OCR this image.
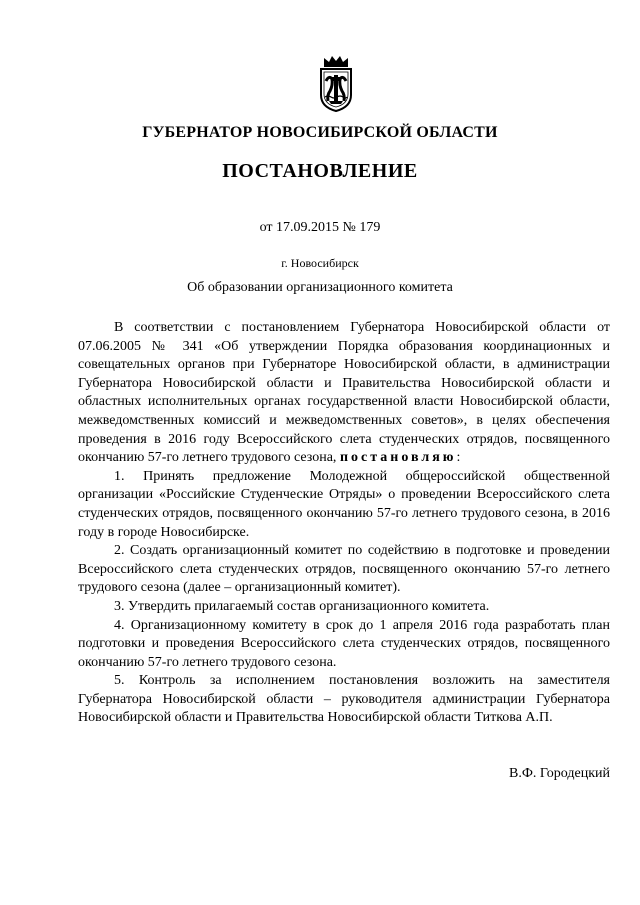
ГУБЕРНАТОР НОВОСИБИРСКОЙ ОБЛАСТИ
ПОСТАНОВЛЕНИЕ
от 17.09.2015 № 179
г. Новосибирск
Об образовании организационного комитета

В соответствии с постановлением Губернатора Новосибирской области от 07.06.2005 № 341 «Об утверждении Порядка образования координационных и совещательных органов при Губернаторе Новосибирской области, в администрации Губернатора Новосибирской области и Правительства Новосибирской области и областных исполнительных органах государственной власти Новосибирской области, межведомственных комиссий и межведомственных советов», в целях обеспечения проведения в 2016 году Всероссийского слета студенческих отрядов, посвященного окончанию 57-го летнего трудового сезона, постановляю:

1. Принять предложение Молодежной общероссийской общественной организации «Российские Студенческие Отряды» о проведении Всероссийского слета студенческих отрядов, посвященного окончанию 57-го летнего трудового сезона, в 2016 году в городе Новосибирске.

2. Создать организационный комитет по содействию в подготовке и проведении Всероссийского слета студенческих отрядов, посвященного окончанию 57-го летнего трудового сезона (далее – организационный комитет).

3. Утвердить прилагаемый состав организационного комитета.

4. Организационному комитету в срок до 1 апреля 2016 года разработать план подготовки и проведения Всероссийского слета студенческих отрядов, посвященного окончанию 57-го летнего трудового сезона.

5. Контроль за исполнением постановления возложить на заместителя Губернатора Новосибирской области – руководителя администрации Губернатора Новосибирской области и Правительства Новосибирской области Титкова А.П.

В.Ф. Городецкий
